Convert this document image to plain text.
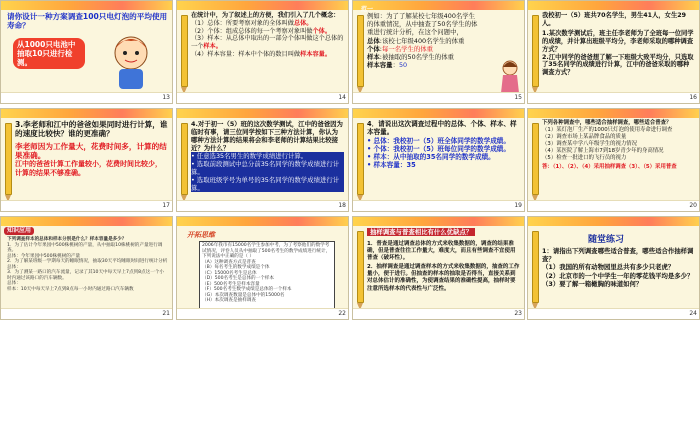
请你设计一种方案调查100只电灯泡的平均使用寿命？
从1000只电池中抽取10只进行检测。
13
在统计中，为了叙述上的方便，我们引入了几个概念：
（1）总体：所要考察对象的全体叫做总体。
（2）个体：组成总体的每一个考察对象叫做个体。
（3）样本：从总体中取出的一部分个体叫做这个总体的一个样本。
（4）样本容量：样本中个体的数目叫做样本容量。
14
范一
例如：为了了解某校七年级400名学生的体重情况，从中抽查了50名学生的体重进行统计分析，在这个问题中，
总体:该校七年级400名学生的体重
个体:每一名学生的体重
样本:被抽取的50名学生的体重
样本容量：50
15
我校初一（5）班共70名学生，男生41人，女生29人。
1.某次数学测试后，班主任李老师为了全班每一位同学的成绩，并计算出班级平均分，李老师采取的哪种调查方式？
2.江中同学的爸爸想了解一下班级大致平均分，只选取了35名同学的成绩进行计算，江中的爸爸采取的哪种调查方式？
16
3.李老师和江中的爸爸如果同时进行计算，谁的速度比较快？谁的更准确？
李老师因为工作量大，花费时间多，计算的结果准确。
江中的爸爸计算工作量较小，花费时间比较少，计算的结果不够准确。
17
4.对于初一（5）班的这次数学测试，江中的爸爸因为临时有事，请三位同学按如下三种方法计算，你认为哪种方法计算的结果将会和李老师的计算结果比较接近？为什么？
• 任意选35名男生的数学成绩进行计算。
• 选取前段测试中总分前35名同学的数学成绩进行计算。
• 选取班级学号为单号的35名同学的数学成绩进行计算。
18
4．请说出这次调查过程中的总体、个体、样本、样本容量。
• 总体：我校初一（5）班全体同学的数学成绩。
• 个体：我校初一（5）班每位同学的数学成绩。
• 样本：从中抽取的35名同学的数学成绩。
• 样本容量：35
19
下列各种调查中，哪些适合抽样调查，哪些适合普查？
（1）某灯泡厂生产的1000只灯泡的使用寿命进行调查
（2）调查市场上某品牌食品的质量
（3）调查某中学八年级学生的视力情况
（4）某医院了解上海市7到18岁青少年的身高情况
（5）检查一批进口的飞行员的视力
答：（1）、（2）、（4）采用抽样调查（3）、（5）采用普查
20
知识应用
下列调查样本的总体和样本分别是什么？样本容量是多少？
1．为了估计今年果园中500株桃树的产量，从中抽取10株桃树的产量进行调查。
总体：今年果园中500株桃树的产量
2．为了解某班级一学期每天的睡眠情况，抽取30天平均睡眠时间进行统计分析
总体：
3．为了测某一路口的汽车流量，记录了其10天中每天早上7点到8点这一个小时内通过该路口的汽车辆数。
总体：
样本：10天中每天早上7点到8点每一小时内通过路口汽车辆数
21
开拓思维
2006年我市有15000名学生参加中考，为了考察他们的数学考试情况，评卷人员从中抽取了500名考生的数学成绩进行统计，下列说法中正确的是（ ）
（A）这种调查方式是普查
（B）每名考生的数学成绩是个体
（C）15000名考生是总体
（D）500名考生是总体的一个样本
（E）500名考生是样本容量
（F）500名考生数学成绩是总体的一个样本
（G）本次调查数量是总体中的15000名
（H）本次调查是抽样调查
22
抽样调查与普查相比有什么优缺点？
1．普查是通过调查总体的方式来收集数据的，调查的结果准确，但是普查往往工作量大，难度大，而且有些调查不宜使用普查（破坏性）。
2．抽样调查是通过调查样本的方式来收集数据的，抽查的工作量小，便于进行。但抽查的样本的抽取是否得当，直接关系到对总体估计的准确性，为使调查结果的准确性提高，抽样时要注意所选样本的代表性与广泛性。
23
随堂练习
1：请指出下列调查哪些适合普查，哪些适合作抽样调查？
（1）我国的所有动物园里总共有多少只老虎？
（2）北京市的一个中学生一年的零花钱平均是多少？
（3）要了解一箱橄胸的味道如何？
24
